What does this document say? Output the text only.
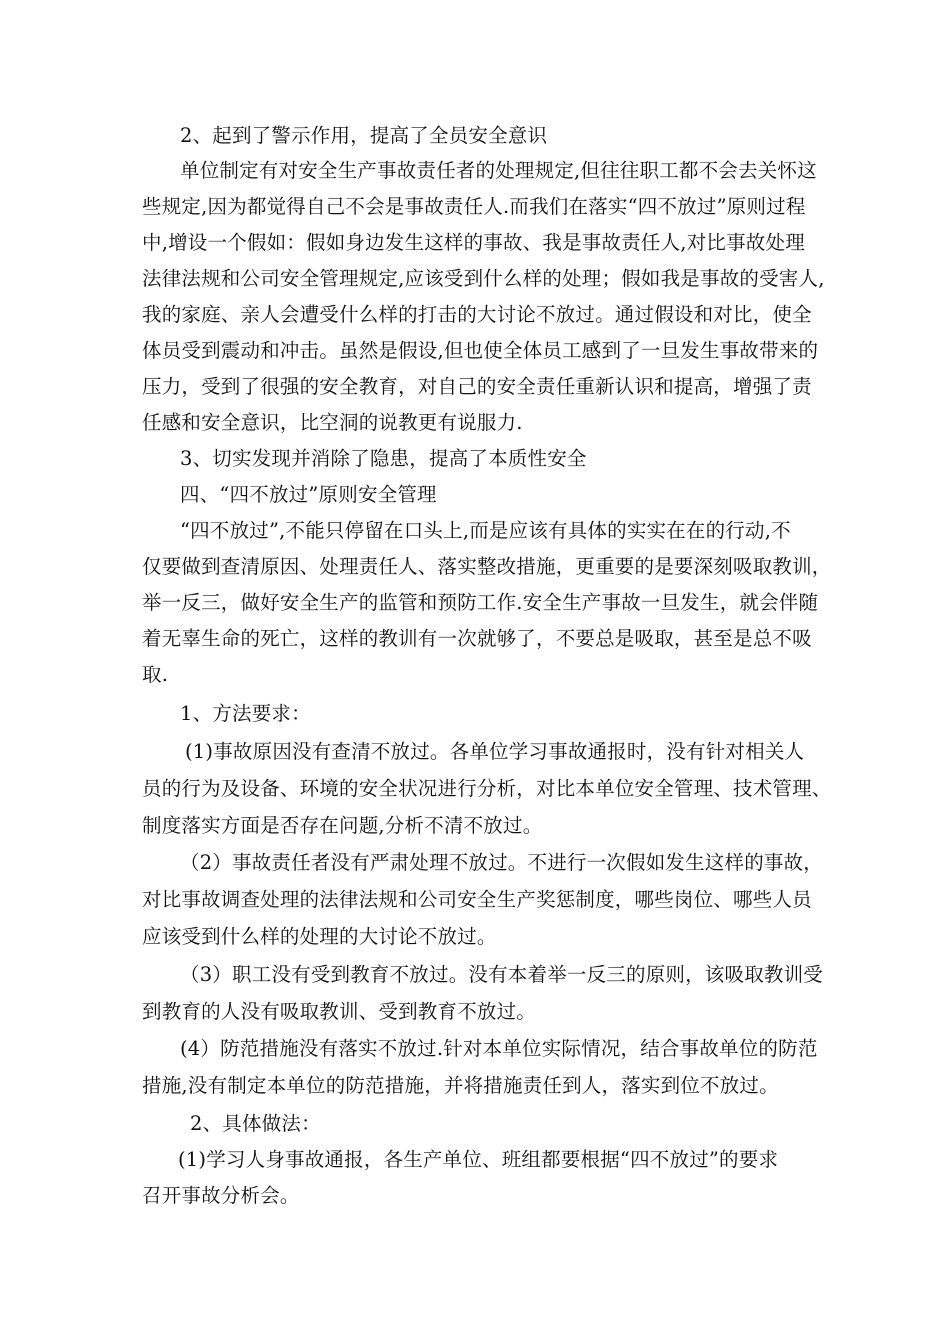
2、起到了警示作用，提高了全员安全意识
单位制定有对安全生产事故责任者的处理规定,但往往职工都不会去关怀这
些规定,因为都觉得自己不会是事故责任人.而我们在落实“四不放过”原则过程
中,增设一个假如：假如身边发生这样的事故、我是事故责任人,对比事故处理
法律法规和公司安全管理规定,应该受到什么样的处理；假如我是事故的受害人,
我的家庭、亲人会遭受什么样的打击的大讨论不放过。通过假设和对比，使全
体员受到震动和冲击。虽然是假设,但也使全体员工感到了一旦发生事故带来的
压力，受到了很强的安全教育，对自己的安全责任重新认识和提高，增强了责
任感和安全意识，比空洞的说教更有说服力.
3、切实发现并消除了隐患，提高了本质性安全
四、“四不放过”原则安全管理
“四不放过”,不能只停留在口头上,而是应该有具体的实实在在的行动,不
仅要做到查清原因、处理责任人、落实整改措施，更重要的是要深刻吸取教训，
举一反三，做好安全生产的监管和预防工作.安全生产事故一旦发生，就会伴随
着无辜生命的死亡，这样的教训有一次就够了，不要总是吸取，甚至是总不吸
取.
1、方法要求：
(1)事故原因没有查清不放过。各单位学习事故通报时，没有针对相关人
员的行为及设备、环境的安全状况进行分析，对比本单位安全管理、技术管理、
制度落实方面是否存在问题,分析不清不放过。
（2）事故责任者没有严肃处理不放过。不进行一次假如发生这样的事故，
对比事故调查处理的法律法规和公司安全生产奖惩制度，哪些岗位、哪些人员
应该受到什么样的处理的大讨论不放过。
（3）职工没有受到教育不放过。没有本着举一反三的原则，该吸取教训受
到教育的人没有吸取教训、受到教育不放过。
(4）防范措施没有落实不放过.针对本单位实际情况，结合事故单位的防范
措施,没有制定本单位的防范措施，并将措施责任到人，落实到位不放过。
2、具体做法：
(1)学习人身事故通报，各生产单位、班组都要根据“四不放过”的要求
召开事故分析会。
